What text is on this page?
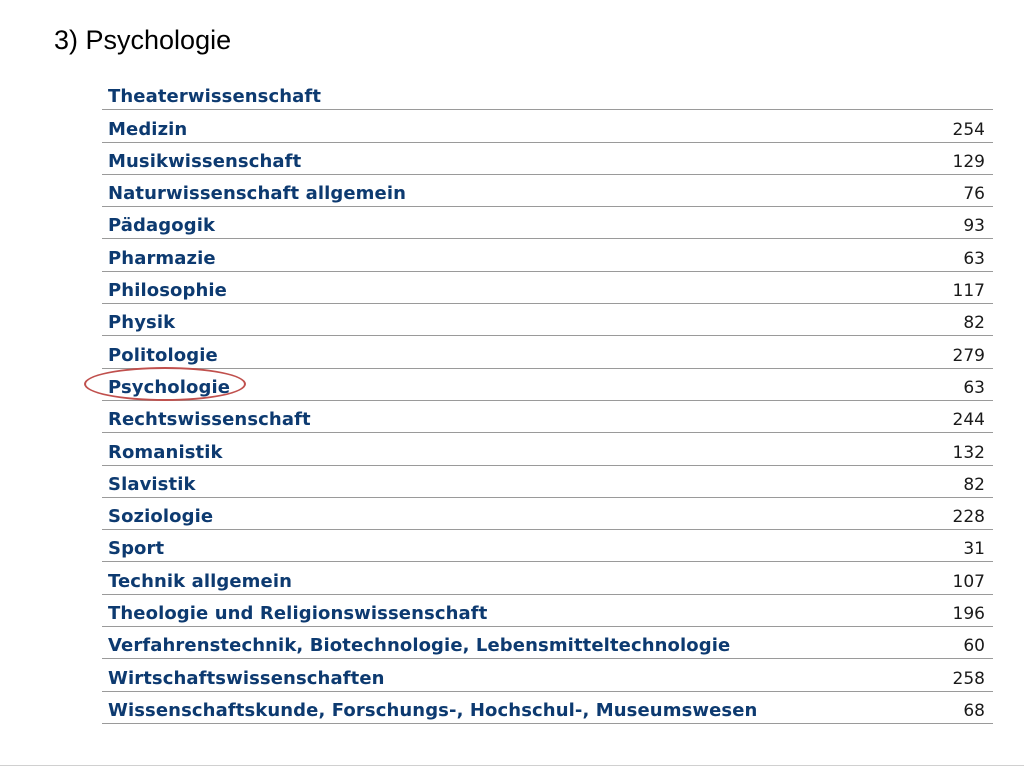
3) Psychologie
Theaterwissenschaft
Medizin	254
Musikwissenschaft	129
Naturwissenschaft allgemein	76
Pädagogik	93
Pharmazie	63
Philosophie	117
Physik	82
Politologie	279
Psychologie	63
Rechtswissenschaft	244
Romanistik	132
Slavistik	82
Soziologie	228
Sport	31
Technik allgemein	107
Theologie und Religionswissenschaft	196
Verfahrenstechnik, Biotechnologie, Lebensmitteltechnologie	60
Wirtschaftswissenschaften	258
Wissenschaftskunde, Forschungs-, Hochschul-, Museumswesen	68
